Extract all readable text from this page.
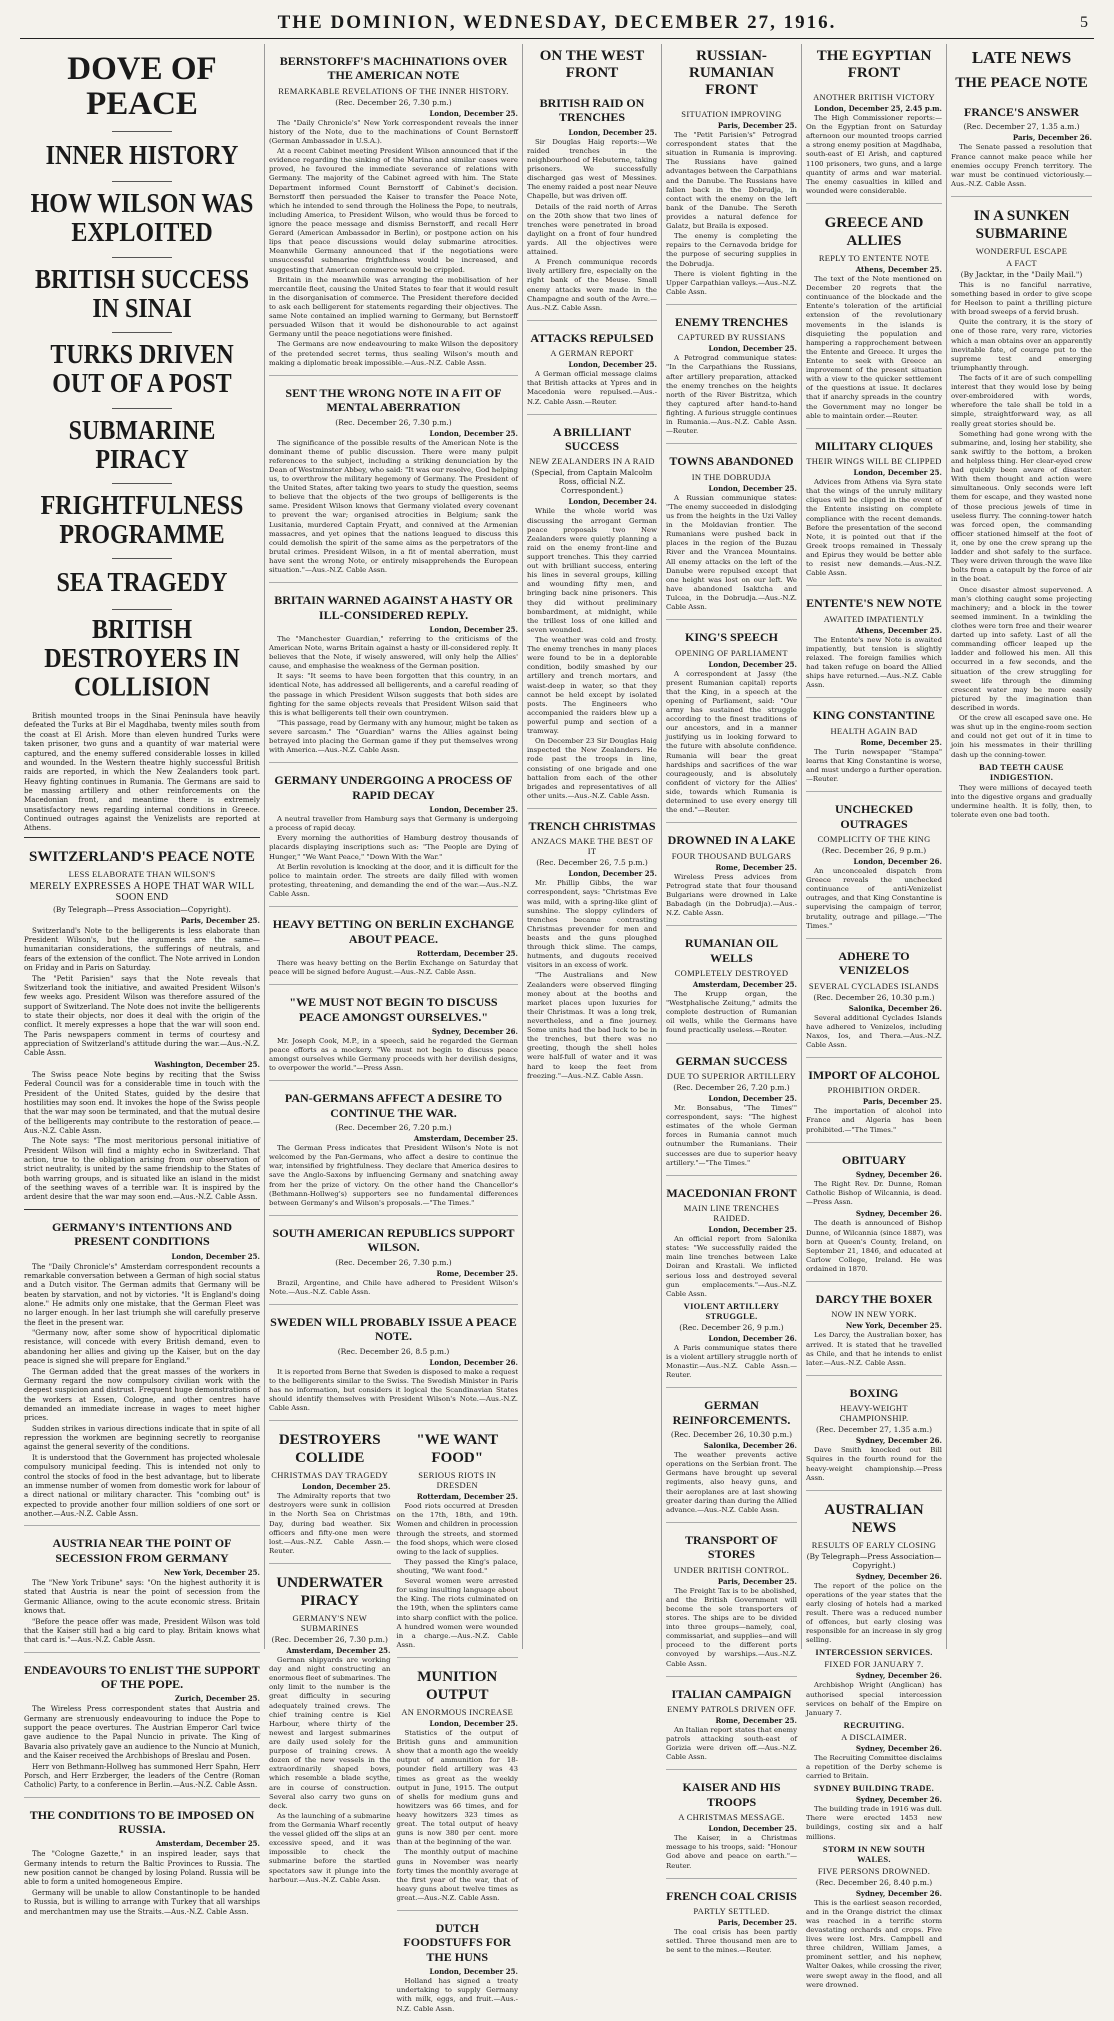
THE DOMINION, WEDNESDAY, DECEMBER 27, 1916.	5
DOVE OF PEACE
INNER HISTORY
HOW WILSON WAS EXPLOITED
BRITISH SUCCESS IN SINAI
TURKS DRIVEN OUT OF A POST
SUBMARINE PIRACY
FRIGHTFULNESS PROGRAMME
SEA TRAGEDY
BRITISH DESTROYERS IN COLLISION

British mounted troops in the Sinai Peninsula have heavily defeated the Turks at Bir el Magdhaba, twenty miles south from the coast at El Arish. More than eleven hundred Turks were taken prisoner, two guns and a quantity of war material were captured, and the enemy suffered considerable losses in killed and wounded. In the Western theatre highly successful British raids are reported, in which the New Zealanders took part. Heavy fighting continues in Rumania. The Germans are said to be massing artillery and other reinforcements on the Macedonian front, and meantime there is extremely unsatisfactory news regarding internal conditions in Greece. Continued outrages against the Venizelists are reported at Athens.

SWITZERLAND'S PEACE NOTE
LESS ELABORATE THAN WILSON'S
MERELY EXPRESSES A HOPE THAT WAR WILL SOON END
(By Telegraph—Press Association—Copyright).
Paris, December 25.

Switzerland's Note to the belligerents is less elaborate than President Wilson's, but the arguments are the same—humanitarian considerations, the sufferings of neutrals, and fears of the extension of the conflict. The Note arrived in London on Friday and in Paris on Saturday.

The "Petit Parisien" says that the Note reveals that Switzerland took the initiative, and awaited President Wilson's few weeks ago. President Wilson was therefore assured of the support of Switzerland. The Note does not invite the belligerents to state their objects, nor does it deal with the origin of the conflict. It merely expresses a hope that the war will soon end. The Paris newspapers comment in terms of courtesy and appreciation of Switzerland's attitude during the war.—Aus.-N.Z. Cable Assn.

Washington, December 25.

The Swiss peace Note begins by reciting that the Swiss Federal Council was for a considerable time in touch with the President of the United States, guided by the desire that hostilities may soon end. It invokes the hope of the Swiss people that the war may soon be terminated, and that the mutual desire of the belligerents may contribute to the restoration of peace.—Aus.-N.Z. Cable Assn.

The Note says: "The most meritorious personal initiative of President Wilson will find a mighty echo in Switzerland. That action, true to the obligation arising from our observation of strict neutrality, is united by the same friendship to the States of both warring groups, and is situated like an island in the midst of the seething waves of a terrible war. It is inspired by the ardent desire that the war may soon end.—Aus.-N.Z. Cable Assn.

GERMANY'S INTENTIONS AND PRESENT CONDITIONS
London, December 25.

The "Daily Chronicle's" Amsterdam correspondent recounts a remarkable conversation between a German of high social status and a Dutch visitor. The German admits that Germany will be beaten by starvation, and not by victories. "It is England's doing alone." He admits only one mistake, that the German Fleet was no larger enough. In her last triumph she will carefully preserve the fleet in the present war.

"Germany now, after some show of hypocritical diplomatic resistance, will concede with every British demand, even to abandoning her allies and giving up the Kaiser, but on the day peace is signed she will prepare for England."

The German added that the great masses of the workers in Germany regard the now compulsory civilian work with the deepest suspicion and distrust. Frequent huge demonstrations of the workers at Essen, Cologne, and other centres have demanded an immediate increase in wages to meet higher prices.

Sudden strikes in various directions indicate that in spite of all repression the workmen are beginning secretly to reorganise against the general severity of the conditions.

It is understood that the Government has projected wholesale compulsory municipal feeding. This is intended not only to control the stocks of food in the best advantage, but to liberate an immense number of women from domestic work for labour of a direct national or military character. This "combing out" is expected to provide another four million soldiers of one sort or another.—Aus.-N.Z. Cable Assn.

AUSTRIA NEAR THE POINT OF SECESSION FROM GERMANY
New York, December 25.

The "New York Tribune" says: "On the highest authority it is stated that Austria is near the point of secession from the Germanic Alliance, owing to the acute economic stress. Britain knows that.

"Before the peace offer was made, President Wilson was told that the Kaiser still had a big card to play. Britain knows what that card is."—Aus.-N.Z. Cable Assn.

ENDEAVOURS TO ENLIST THE SUPPORT OF THE POPE.
Zurich, December 25.

The Wireless Press correspondent states that Austria and Germany are strenuously endeavouring to induce the Pope to support the peace overtures. The Austrian Emperor Carl twice gave audience to the Papal Nuncio in private. The King of Bavaria also privately gave an audience to the Nuncio at Munich, and the Kaiser received the Archbishops of Breslau and Posen.

Herr von Bethmann-Hollweg has summoned Herr Spahn, Herr Porsch, and Herr Erzberger, the leaders of the Centre (Roman Catholic) Party, to a conference in Berlin.—Aus.-N.Z. Cable Assn.

THE CONDITIONS TO BE IMPOSED ON RUSSIA.
Amsterdam, December 25.

The "Cologne Gazette," in an inspired leader, says that Germany intends to return the Baltic Provinces to Russia. The new position cannot be changed by losing Poland. Russia will be able to form a united homogeneous Empire.

Germany will be unable to allow Constantinople to be handed to Russia, but is willing to arrange with Turkey that all warships and merchantmen may use the Straits.—Aus.-N.Z. Cable Assn.

BERNSTORFF'S MACHINATIONS OVER THE AMERICAN NOTE
REMARKABLE REVELATIONS OF THE INNER HISTORY.
(Rec. December 26, 7.30 p.m.)
London, December 25.

The "Daily Chronicle's" New York correspondent reveals the inner history of the Note, due to the machinations of Count Bernstorff (German Ambassador in U.S.A.).

At a recent Cabinet meeting President Wilson announced that if the evidence regarding the sinking of the Marina and similar cases were proved, he favoured the immediate severance of relations with Germany. The majority of the Cabinet agreed with him. The State Department informed Count Bernstorff of Cabinet's decision. Bernstorff then persuaded the Kaiser to transfer the Peace Note, which he intended to send through the Holiness the Pope, to neutrals, including America, to President Wilson, who would thus be forced to ignore the peace message and dismiss Bernstorff, and recall Herr Gerard (American Ambassador in Berlin), or postpone action on his lips that peace discussions would delay submarine atrocities. Meanwhile Germany announced that if the negotiations were unsuccessful submarine frightfulness would be increased, and suggesting that American commerce would be crippled.

Britain in the meanwhile was arranging the mobilisation of her mercantile fleet, causing the United States to fear that it would result in the disorganisation of commerce. The President therefore decided to ask each belligerent for statements regarding their objectives. The same Note contained an implied warning to Germany, but Bernstorff persuaded Wilson that it would be dishonourable to act against Germany until the peace negotiations were finished.

The Germans are now endeavouring to make Wilson the depository of the pretended secret terms, thus sealing Wilson's mouth and making a diplomatic break impossible.—Aus.-N.Z. Cable Assn.

SENT THE WRONG NOTE IN A FIT OF MENTAL ABERRATION
(Rec. December 26, 7.30 p.m.)
London, December 25.

The significance of the possible results of the American Note is the dominant theme of public discussion. There were many pulpit references to the subject, including a striking denunciation by the Dean of Westminster Abbey, who said: "It was our resolve, God helping us, to overthrow the military hegemony of Germany. The President of the United States, after taking two years to study the question, seems to believe that the objects of the two groups of belligerents is the same. President Wilson knows that Germany violated every covenant to prevent the war; organised atrocities in Belgium; sank the Lusitania, murdered Captain Fryatt, and connived at the Armenian massacres, and yet opines that the nations leagued to discuss this could demolish the spirit of the same aims as the perpetrators of the brutal crimes. President Wilson, in a fit of mental aberration, must have sent the wrong Note, or entirely misapprehends the European situation."—Aus.-N.Z. Cable Assn.

BRITAIN WARNED AGAINST A HASTY OR ILL-CONSIDERED REPLY.
London, December 25.

The "Manchester Guardian," referring to the criticisms of the American Note, warns Britain against a hasty or ill-considered reply. It believes that the Note, if wisely answered, will only help the Allies' cause, and emphasise the weakness of the German position.

It says: "It seems to have been forgotten that this country, in an identical Note, has addressed all belligerents, and a careful reading of the passage in which President Wilson suggests that both sides are fighting for the same objects reveals that President Wilson said that this is what belligerents tell their own countrymen.

"This passage, read by Germany with any humour, might be taken as severe sarcasm." The "Guardian" warns the Allies against being betrayed into placing the German game if they put themselves wrong with America.—Aus.-N.Z. Cable Assn.

GERMANY UNDERGOING A PROCESS OF RAPID DECAY
London, December 25.

A neutral traveller from Hamburg says that Germany is undergoing a process of rapid decay.

Every morning the authorities of Hamburg destroy thousands of placards displaying inscriptions such as: "The People are Dying of Hunger," "We Want Peace," "Down With the War."

At Berlin revolution is knocking at the door, and it is difficult for the police to maintain order. The streets are daily filled with women protesting, threatening, and demanding the end of the war.—Aus.-N.Z. Cable Assn.

HEAVY BETTING ON BERLIN EXCHANGE ABOUT PEACE.
Rotterdam, December 25.

There was heavy betting on the Berlin Exchange on Saturday that peace will be signed before August.—Aus.-N.Z. Cable Assn.

"WE MUST NOT BEGIN TO DISCUSS PEACE AMONGST OURSELVES."
Sydney, December 26.

Mr. Joseph Cook, M.P., in a speech, said he regarded the German peace efforts as a mockery. "We must not begin to discuss peace amongst ourselves while Germany proceeds with her devilish designs, to overpower the world."—Press Assn.

PAN-GERMANS AFFECT A DESIRE TO CONTINUE THE WAR.
(Rec. December 26, 7.20 p.m.)
Amsterdam, December 25.

The German Press indicates that President Wilson's Note is not welcomed by the Pan-Germans, who affect a desire to continue the war, intensified by frightfulness. They declare that America desires to save the Anglo-Saxons by influencing Germany and snatching away from her the prize of victory. On the other hand the Chancellor's (Bethmann-Hollweg's) supporters see no fundamental differences between Germany's and Wilson's proposals.—"The Times."

SOUTH AMERICAN REPUBLICS SUPPORT WILSON.
(Rec. December 26, 7.30 p.m.)
Rome, December 25.

Brazil, Argentine, and Chile have adhered to President Wilson's Note.—Aus.-N.Z. Cable Assn.

SWEDEN WILL PROBABLY ISSUE A PEACE NOTE.
(Rec. December 26, 8.5 p.m.)
London, December 26.

It is reported from Berne that Sweden is disposed to make a request to the belligerents similar to the Swiss. The Swedish Minister in Paris has no information, but considers it logical the Scandinavian States should identify themselves with President Wilson's Note.—Aus.-N.Z. Cable Assn.

DESTROYERS COLLIDE
CHRISTMAS DAY TRAGEDY
London, December 25.

The Admiralty reports that two destroyers were sunk in collision in the North Sea on Christmas Day, during bad weather. Six officers and fifty-one men were lost.—Aus.-N.Z. Cable Assn.—Reuter.

UNDERWATER PIRACY
GERMANY'S NEW SUBMARINES
(Rec. December 26, 7.30 p.m.)
Amsterdam, December 25.

German shipyards are working day and night constructing an enormous fleet of submarines. The only limit to the number is the great difficulty in securing adequately trained crews. The chief training centre is Kiel Harbour, where thirty of the newest and largest submarines are daily used solely for the purpose of training crews. A dozen of the new vessels in the extraordinarily shaped bows, which resemble a blade scythe, are in course of construction. Several also carry two guns on deck.

As the launching of a submarine from the Germania Wharf recently the vessel glided off the slips at an excessive speed, and it was impossible to check the submarine before the startled spectators saw it plunge into the harbour.—Aus.-N.Z. Cable Assn.

"WE WANT FOOD"
SERIOUS RIOTS IN DRESDEN
Rotterdam, December 25.

Food riots occurred at Dresden on the 17th, 18th, and 19th. Women and children in procession through the streets, and stormed the food shops, which were closed owing to the lack of supplies.

They passed the King's palace, shouting, "We want food."

Several women were arrested for using insulting language about the King. The riots culminated on the 19th, when the splinters came into sharp conflict with the police. A hundred women were wounded in a charge.—Aus.-N.Z. Cable Assn.

MUNITION OUTPUT
AN ENORMOUS INCREASE
London, December 25.

Statistics of the output of British guns and ammunition show that a month ago the weekly output of ammunition for 18-pounder field artillery was 43 times as great as the weekly output in June, 1915. The output of shells for medium guns and howitzers was 66 times, and for heavy howitzers 323 times as great. The total output of heavy guns is now 380 per cent. more than at the beginning of the war.

The monthly output of machine guns in November was nearly forty times the monthly average at the first year of the war, that of heavy guns about twelve times as great.—Aus.-N.Z. Cable Assn.

DUTCH FOODSTUFFS FOR THE HUNS
London, December 25.

Holland has signed a treaty undertaking to supply Germany with milk, eggs, and fruit.—Aus.-N.Z. Cable Assn.

ON THE WEST FRONT
BRITISH RAID ON TRENCHES
London, December 25.

Sir Douglas Haig reports:—We raided trenches in the neighbourhood of Hebuterne, taking prisoners. We successfully discharged gas west of Messines. The enemy raided a post near Neuve Chapelle, but was driven off.

Details of the raid north of Arras on the 20th show that two lines of trenches were penetrated in broad daylight on a front of four hundred yards. All the objectives were attained.

A French communique records lively artillery fire, especially on the right bank of the Meuse. Small enemy attacks were made in the Champagne and south of the Avre.—Aus.-N.Z. Cable Assn.

ATTACKS REPULSED
A GERMAN REPORT
London, December 25.

A German official message claims that British attacks at Ypres and in Macedonia were repulsed.—Aus.-N.Z. Cable Assn.—Reuter.

A BRILLIANT SUCCESS
NEW ZEALANDERS IN A RAID
(Special, from Captain Malcolm Ross, official N.Z. Correspondent.)
London, December 24.

While the whole world was discussing the arrogant German peace proposals two New Zealanders were quietly planning a raid on the enemy front-line and support trenches. This they carried out with brilliant success, entering his lines in several groups, killing and wounding fifty men, and bringing back nine prisoners. This they did without preliminary bombardment, at midnight, while the trillest loss of one killed and seven wounded.

The weather was cold and frosty. The enemy trenches in many places were found to be in a deplorable condition, bodily smashed by our artillery and trench mortars, and waist-deep in water, so that they cannot be held except by isolated posts. The Engineers who accompanied the raiders blew up a powerful pump and section of a tramway.

On December 23 Sir Douglas Haig inspected the New Zealanders. He rode past the troops in line, consisting of one brigade and one battalion from each of the other brigades and representatives of all other units.—Aus.-N.Z. Cable Assn.

TRENCH CHRISTMAS
ANZACS MAKE THE BEST OF IT
(Rec. December 26, 7.5 p.m.)
London, December 25.

Mr. Phillip Gibbs, the war correspondent, says: "Christmas Eve was mild, with a spring-like glint of sunshine. The sloppy cylinders of trenches became contrasting Christmas prevender for men and beasts and the guns ploughed through thick slime. The camps, hutments, and dugouts received visitors in an excess of work.

"The Australians and New Zealanders were observed flinging money about at the booths and market places upon luxuries for their Christmas. It was a long trek, nevertheless, and a fine journey. Some units had the bad luck to be in the trenches, but there was no greeting, though the shell holes were half-full of water and it was hard to keep the feet from freezing."—Aus.-N.Z. Cable Assn.

RUSSIAN-RUMANIAN FRONT
SITUATION IMPROVING
Paris, December 25.

The "Petit Parisien's" Petrograd correspondent states that the situation in Rumania is improving. The Russians have gained advantages between the Carpathians and the Danube. The Russians have fallen back in the Dobrudja, in contact with the enemy on the left bank of the Danube. The Sereth provides a natural defence for Galatz, but Braila is exposed.

The enemy is completing the repairs to the Cernavoda bridge for the purpose of securing supplies in the Dobrudja.

There is violent fighting in the Upper Carpathian valleys.—Aus.-N.Z. Cable Assn.

ENEMY TRENCHES
CAPTURED BY RUSSIANS
London, December 25.

A Petrograd communique states: "In the Carpathians the Russians, after artillery preparation, attacked the enemy trenches on the heights north of the River Bistritza, which they captured after hand-to-hand fighting. A furious struggle continues in Rumania.—Aus.-N.Z. Cable Assn.—Reuter.

TOWNS ABANDONED
IN THE DOBRUDJA
London, December 25.

A Russian communique states: "The enemy succeeded in dislodging us from the heights in the Uzi Valley in the Moldavian frontier. The Rumanians were pushed back in places in the region of the Buzau River and the Vrancea Mountains. All enemy attacks on the left of the Danube were repulsed except that one height was lost on our left. We have abandoned Isaktcha and Tulcea, in the Dobrudja.—Aus.-N.Z. Cable Assn.

KING'S SPEECH
OPENING OF PARLIAMENT
London, December 25.

A correspondent at Jassy (the present Rumanian capital) reports that the King, in a speech at the opening of Parliament, said: "Our army has sustained the struggle according to the finest traditions of our ancestors, and in a manner justifying us in looking forward to the future with absolute confidence. Rumania will bear the great hardships and sacrifices of the war courageously, and is absolutely confident of victory for the Allies' side, towards which Rumania is determined to use every energy till the end."—Reuter.

DROWNED IN A LAKE
FOUR THOUSAND BULGARS
Rome, December 25.

Wireless Press advices from Petrograd state that four thousand Bulgarians were drowned in Lake Babadagh (in the Dobrudja).—Aus.-N.Z. Cable Assn.

RUMANIAN OIL WELLS
COMPLETELY DESTROYED
Amsterdam, December 25.

The Krupp organ, the "Westphalische Zeitung," admits the complete destruction of Rumanian oil wells, while the Germans have found practically useless.—Reuter.

GERMAN SUCCESS
DUE TO SUPERIOR ARTILLERY
(Rec. December 26, 7.20 p.m.)
London, December 25.

Mr. Bonsabus, "The Times'" correspondent, says: "The highest estimates of the whole German forces in Rumania cannot much outnumber the Rumanians. Their successes are due to superior heavy artillery."—"The Times."

MACEDONIAN FRONT
MAIN LINE TRENCHES RAIDED.
London, December 25.

An official report from Salonika states: "We successfully raided the main line trenches between Lake Doiran and Krastali. We inflicted serious loss and destroyed several gun emplacements."—Aus.-N.Z. Cable Assn.

VIOLENT ARTILLERY STRUGGLE.
(Rec. December 26, 9 p.m.)
London, December 26.

A Paris communique states there is a violent artillery struggle north of Monastir.—Aus.-N.Z. Cable Assn.—Reuter.

GERMAN REINFORCEMENTS.
(Rec. December 26, 10.30 p.m.)
Salonika, December 26.

The weather prevents active operations on the Serbian front. The Germans have brought up several regiments, also heavy guns, and their aeroplanes are at last showing greater daring than during the Allied advance.—Aus.-N.Z. Cable Assn.

TRANSPORT OF STORES
UNDER BRITISH CONTROL.
Paris, December 25.

The Freight Tax is to be abolished, and the British Government will become the sole transporters of stores. The ships are to be divided into three groups—namely, coal, commissariat, and supplies—and will proceed to the different ports convoyed by warships.—Aus.-N.Z. Cable Assn.

ITALIAN CAMPAIGN
ENEMY PATROLS DRIVEN OFF.
Rome, December 25.

An Italian report states that enemy patrols attacking south-east of Gorizia were driven off.—Aus.-N.Z. Cable Assn.

KAISER AND HIS TROOPS
A CHRISTMAS MESSAGE.
London, December 25.

The Kaiser, in a Christmas message to his troops, said: "Honour God above and peace on earth."—Reuter.

FRENCH COAL CRISIS
PARTLY SETTLED.
Paris, December 25.

The coal crisis has been partly settled. Three thousand men are to be sent to the mines.—Reuter.

THE EGYPTIAN FRONT
ANOTHER BRITISH VICTORY
London, December 25, 2.45 p.m.

The High Commissioner reports:—On the Egyptian front on Saturday afternoon our mounted troops carried a strong enemy position at Magdhaba, south-east of El Arish, and captured 1100 prisoners, two guns, and a large quantity of arms and war material. The enemy casualties in killed and wounded were considerable.

GREECE AND ALLIES
REPLY TO ENTENTE NOTE
Athens, December 25.

The text of the Note mentioned on December 20 regrets that the continuance of the blockade and the Entente's toleration of the artificial extension of the revolutionary movements in the islands is disquieting the population and hampering a rapprochement between the Entente and Greece. It urges the Entente to seek with Greece an improvement of the present situation with a view to the quicker settlement of the questions at issue. It declares that if anarchy spreads in the country the Government may no longer be able to maintain order.—Reuter.

MILITARY CLIQUES
THEIR WINGS WILL BE CLIPPED
London, December 25.

Advices from Athens via Syra state that the wings of the unruly military cliques will be clipped in the event of the Entente insisting on complete compliance with the recent demands. Before the presentation of the second Note, it is pointed out that if the Greek troops remained in Thessaly and Epirus they would be better able to resist new demands.—Aus.-N.Z. Cable Assn.

ENTENTE'S NEW NOTE
AWAITED IMPATIENTLY
Athens, December 25.

The Entente's new Note is awaited impatiently, but tension is slightly relaxed. The foreign families which had taken refuge on board the Allied ships have returned.—Aus.-N.Z. Cable Assn.

KING CONSTANTINE
HEALTH AGAIN BAD
Rome, December 25.

The Turin newspaper "Stampa" learns that King Constantine is worse, and must undergo a further operation.—Reuter.

UNCHECKED OUTRAGES
COMPLICITY OF THE KING
(Rec. December 26, 9 p.m.)
London, December 26.

An unconcealed dispatch from Greece reveals the unchecked continuance of anti-Venizelist outrages, and that King Constantine is supervising the campaign of terror, brutality, outrage and pillage.—"The Times."

ADHERE TO VENIZELOS
SEVERAL CYCLADES ISLANDS
(Rec. December 26, 10.30 p.m.)
Salonika, December 26.

Several additional Cyclades Islands have adhered to Venizelos, including Naxos, Ios, and Thera.—Aus.-N.Z. Cable Assn.

IMPORT OF ALCOHOL
PROHIBITION ORDER.
Paris, December 25.

The importation of alcohol into France and Algeria has been prohibited.—"The Times."

OBITUARY
Sydney, December 26.

The Right Rev. Dr. Dunne, Roman Catholic Bishop of Wilcannia, is dead.—Press Assn.

Sydney, December 26.

The death is announced of Bishop Dunne, of Wilcannia (since 1887), was born at Queen's County, Ireland, on September 21, 1846, and educated at Carlow College, Ireland. He was ordained in 1870.

DARCY THE BOXER
NOW IN NEW YORK.
New York, December 25.

Les Darcy, the Australian boxer, has arrived. It is stated that he travelled as Chile, and that he intends to enlist later.—Aus.-N.Z. Cable Assn.

BOXING
HEAVY-WEIGHT CHAMPIONSHIP.
(Rec. December 27, 1.35 a.m.)
Sydney, December 26.

Dave Smith knocked out Bill Squires in the fourth round for the heavy-weight championship.—Press Assn.

AUSTRALIAN NEWS
RESULTS OF EARLY CLOSING
(By Telegraph—Press Association—Copyright.)
Sydney, December 26.

The report of the police on the operations of the year states that the early closing of hotels had a marked result. There was a reduced number of offences, but early closing was responsible for an increase in sly grog selling.

INTERCESSION SERVICES.
FIXED FOR JANUARY 7.
Sydney, December 26.

Archbishop Wright (Anglican) has authorised special intercession services on behalf of the Empire on January 7.

RECRUITING.
A DISCLAIMER.
Sydney, December 26.

The Recruiting Committee disclaims a repetition of the Derby scheme is carried to Britain.

SYDNEY BUILDING TRADE.
Sydney, December 26.

The building trade in 1916 was dull. There were erected 1453 new buildings, costing six and a half millions.

STORM IN NEW SOUTH WALES.
FIVE PERSONS DROWNED.
(Rec. December 26, 8.40 p.m.)
Sydney, December 26.

This is the earliest season recorded, and in the Orange district the climax was reached in a terrific storm devastating orchards and crops. Five lives were lost. Mrs. Campbell and three children, William James, a prominent settler, and his nephew, Walter Oakes, while crossing the river, were swept away in the flood, and all were drowned.

LATE NEWS
THE PEACE NOTE
FRANCE'S ANSWER
(Rec. December 27, 1.35 a.m.)
Paris, December 26.

The Senate passed a resolution that France cannot make peace while her enemies occupy French territory. The war must be continued victoriously.—Aus.-N.Z. Cable Assn.

IN A SUNKEN SUBMARINE
WONDERFUL ESCAPE
A FACT
(By Jacktar, in the "Daily Mail.")

This is no fanciful narrative, something based in order to give scope for Heelson to paint a thrilling picture with broad sweeps of a fervid brush.

Quite the contrary, it is the story of one of those rare, very rare, victories which a man obtains over an apparently inevitable fate, of courage put to the supreme test and emerging triumphantly through.

The facts of it are of such compelling interest that they would lose by being over-embroidered with words, wherefore the tale shall be told in a simple, straightforward way, as all really great stories should be.

Something had gone wrong with the submarine, and, losing her stability, she sank swiftly to the bottom, a broken and helpless thing. Her clear-eyed crew had quickly been aware of disaster. With them thought and action were simultaneous. Only seconds were left them for escape, and they wasted none of those precious jewels of time in useless flurry. The conning-tower hatch was forced open, the commanding officer stationed himself at the foot of it, one by one the crew sprang up the ladder and shot safely to the surface. They were driven through the wave like bolts from a catapult by the force of air in the boat.

Once disaster almost supervened. A man's clothing caught some projecting machinery; and a block in the tower seemed imminent. In a twinkling the clothes were torn free and their wearer darted up into safety. Last of all the commanding officer leaped up the ladder and followed his men. All this occurred in a few seconds, and the situation of the crew struggling for sweet life through the dimming crescent water may be more easily pictured by the imagination than described in words.

Of the crew all escaped save one. He was shut up in the engine-room section and could not get out of it in time to join his messmates in their thrilling dash up the conning-tower.

BAD TEETH CAUSE INDIGESTION.

They were millions of decayed teeth into the digestive organs and gradually undermine health. It is folly, then, to tolerate even one bad tooth.
